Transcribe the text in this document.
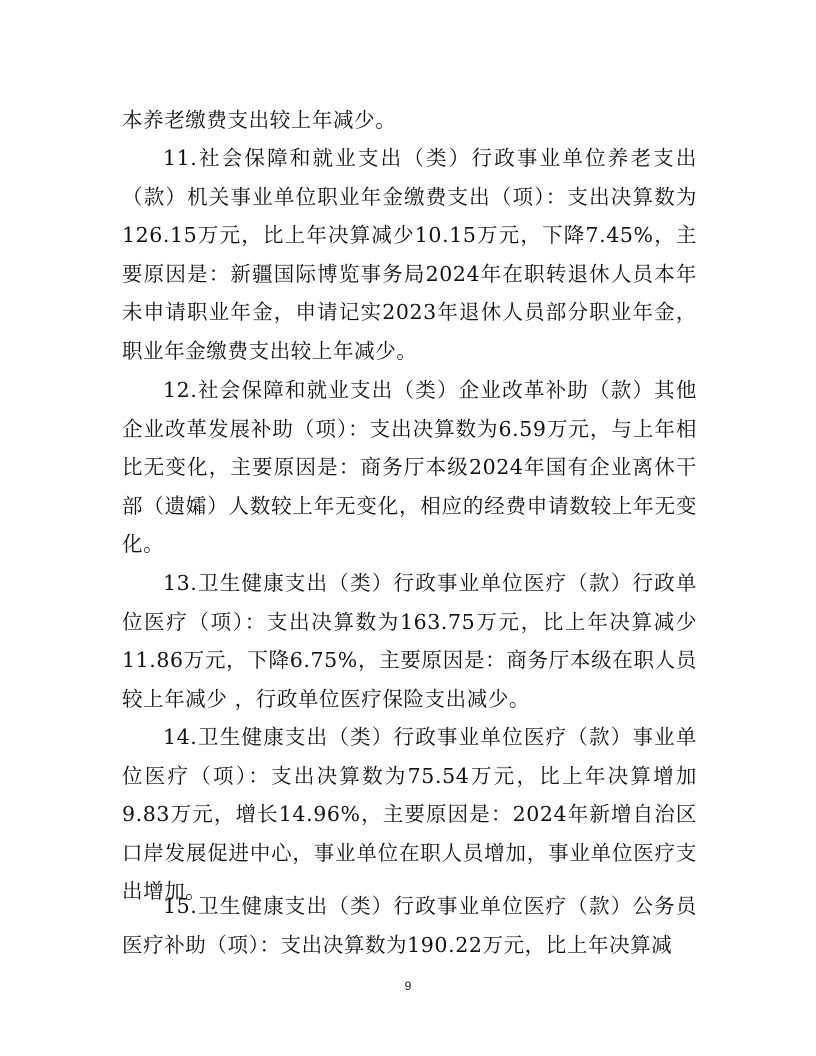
本养老缴费支出较上年减少。

11.社会保障和就业支出（类）行政事业单位养老支出（款）机关事业单位职业年金缴费支出（项）：支出决算数为126.15万元，比上年决算减少10.15万元，下降7.45%，主要原因是：新疆国际博览事务局2024年在职转退休人员本年未申请职业年金，申请记实2023年退休人员部分职业年金，职业年金缴费支出较上年减少。

12.社会保障和就业支出（类）企业改革补助（款）其他企业改革发展补助（项）：支出决算数为6.59万元，与上年相比无变化，主要原因是：商务厅本级2024年国有企业离休干部（遗孀）人数较上年无变化，相应的经费申请数较上年无变化。

13.卫生健康支出（类）行政事业单位医疗（款）行政单位医疗（项）：支出决算数为163.75万元，比上年决算减少11.86万元，下降6.75%，主要原因是：商务厅本级在职人员较上年减少 ，行政单位医疗保险支出减少。

14.卫生健康支出（类）行政事业单位医疗（款）事业单位医疗（项）：支出决算数为75.54万元，比上年决算增加9.83万元，增长14.96%，主要原因是：2024年新增自治区口岸发展促进中心，事业单位在职人员增加，事业单位医疗支出增加。

15.卫生健康支出（类）行政事业单位医疗（款）公务员医疗补助（项）：支出决算数为190.22万元，比上年决算减

9
